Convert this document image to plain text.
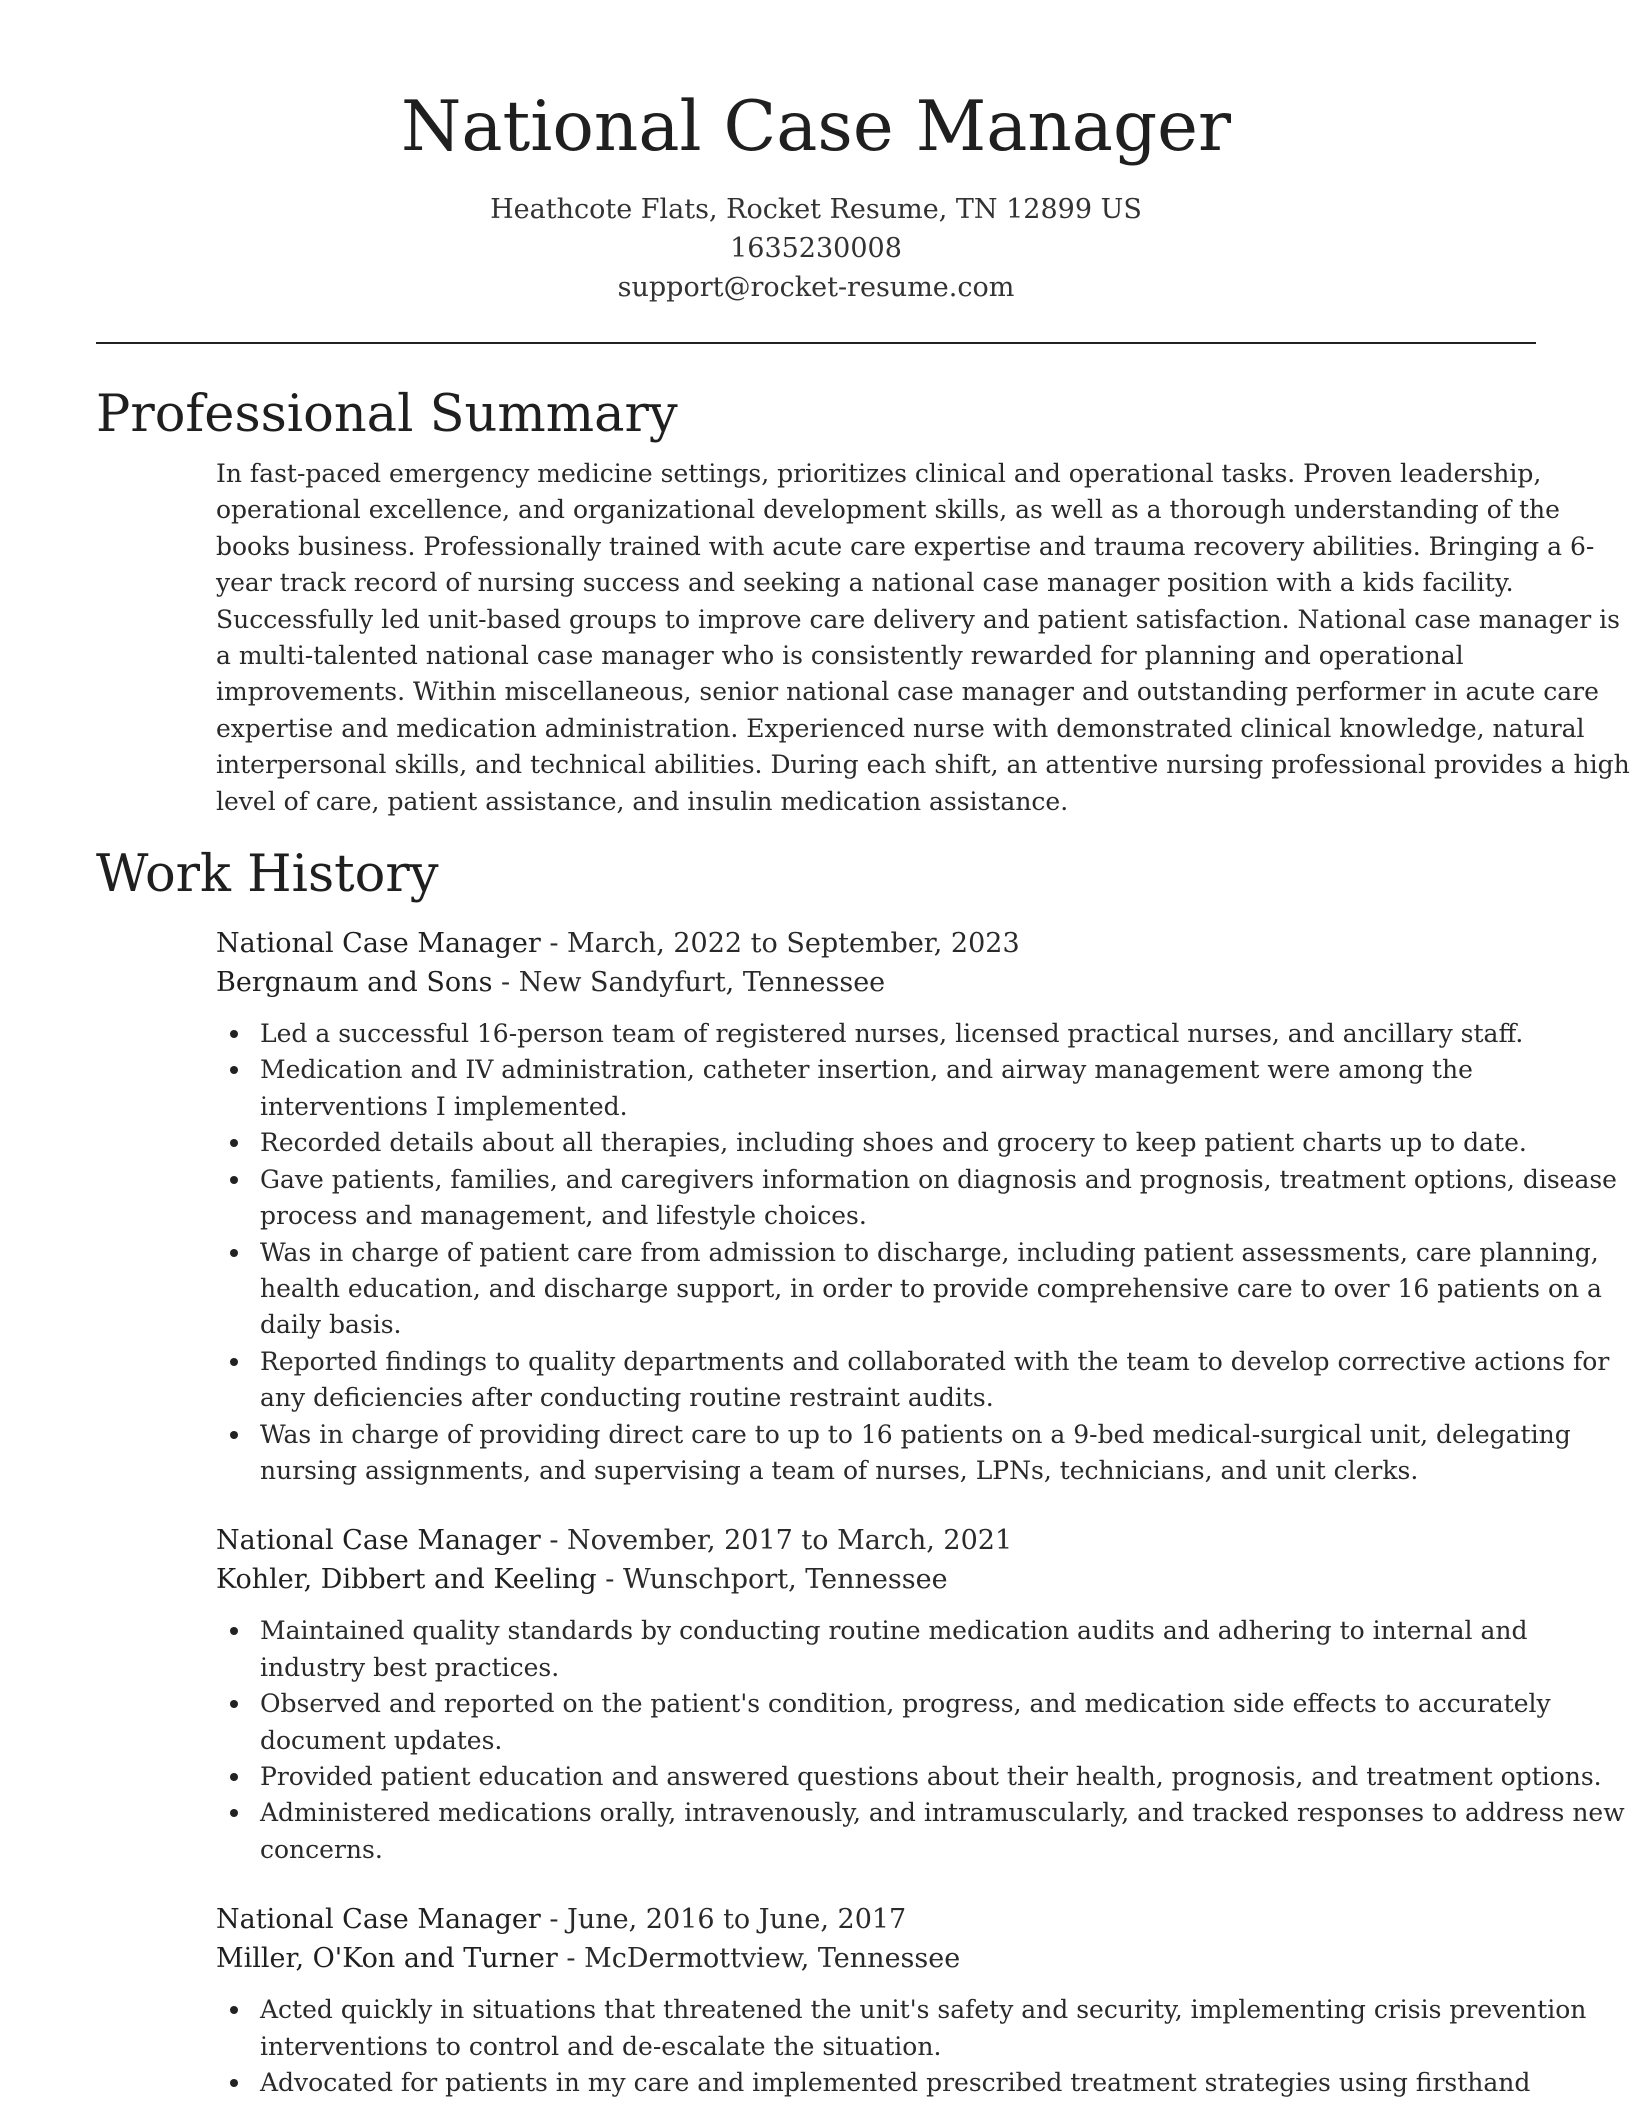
National Case Manager
Heathcote Flats, Rocket Resume, TN 12899 US
1635230008
support@rocket-resume.com
Professional Summary
In fast-paced emergency medicine settings, prioritizes clinical and operational tasks. Proven leadership, operational excellence, and organizational development skills, as well as a thorough understanding of the books business. Professionally trained with acute care expertise and trauma recovery abilities. Bringing a 6-year track record of nursing success and seeking a national case manager position with a kids facility. Successfully led unit-based groups to improve care delivery and patient satisfaction. National case manager is a multi-talented national case manager who is consistently rewarded for planning and operational improvements. Within miscellaneous, senior national case manager and outstanding performer in acute care expertise and medication administration. Experienced nurse with demonstrated clinical knowledge, natural interpersonal skills, and technical abilities. During each shift, an attentive nursing professional provides a high level of care, patient assistance, and insulin medication assistance.
Work History
National Case Manager - March, 2022 to September, 2023
Bergnaum and Sons - New Sandyfurt, Tennessee
Led a successful 16-person team of registered nurses, licensed practical nurses, and ancillary staff.
Medication and IV administration, catheter insertion, and airway management were among the interventions I implemented.
Recorded details about all therapies, including shoes and grocery to keep patient charts up to date.
Gave patients, families, and caregivers information on diagnosis and prognosis, treatment options, disease process and management, and lifestyle choices.
Was in charge of patient care from admission to discharge, including patient assessments, care planning, health education, and discharge support, in order to provide comprehensive care to over 16 patients on a daily basis.
Reported findings to quality departments and collaborated with the team to develop corrective actions for any deficiencies after conducting routine restraint audits.
Was in charge of providing direct care to up to 16 patients on a 9-bed medical-surgical unit, delegating nursing assignments, and supervising a team of nurses, LPNs, technicians, and unit clerks.
National Case Manager - November, 2017 to March, 2021
Kohler, Dibbert and Keeling - Wunschport, Tennessee
Maintained quality standards by conducting routine medication audits and adhering to internal and industry best practices.
Observed and reported on the patient's condition, progress, and medication side effects to accurately document updates.
Provided patient education and answered questions about their health, prognosis, and treatment options.
Administered medications orally, intravenously, and intramuscularly, and tracked responses to address new concerns.
National Case Manager - June, 2016 to June, 2017
Miller, O'Kon and Turner - McDermottview, Tennessee
Acted quickly in situations that threatened the unit's safety and security, implementing crisis prevention interventions to control and de-escalate the situation.
Advocated for patients in my care and implemented prescribed treatment strategies using firsthand
